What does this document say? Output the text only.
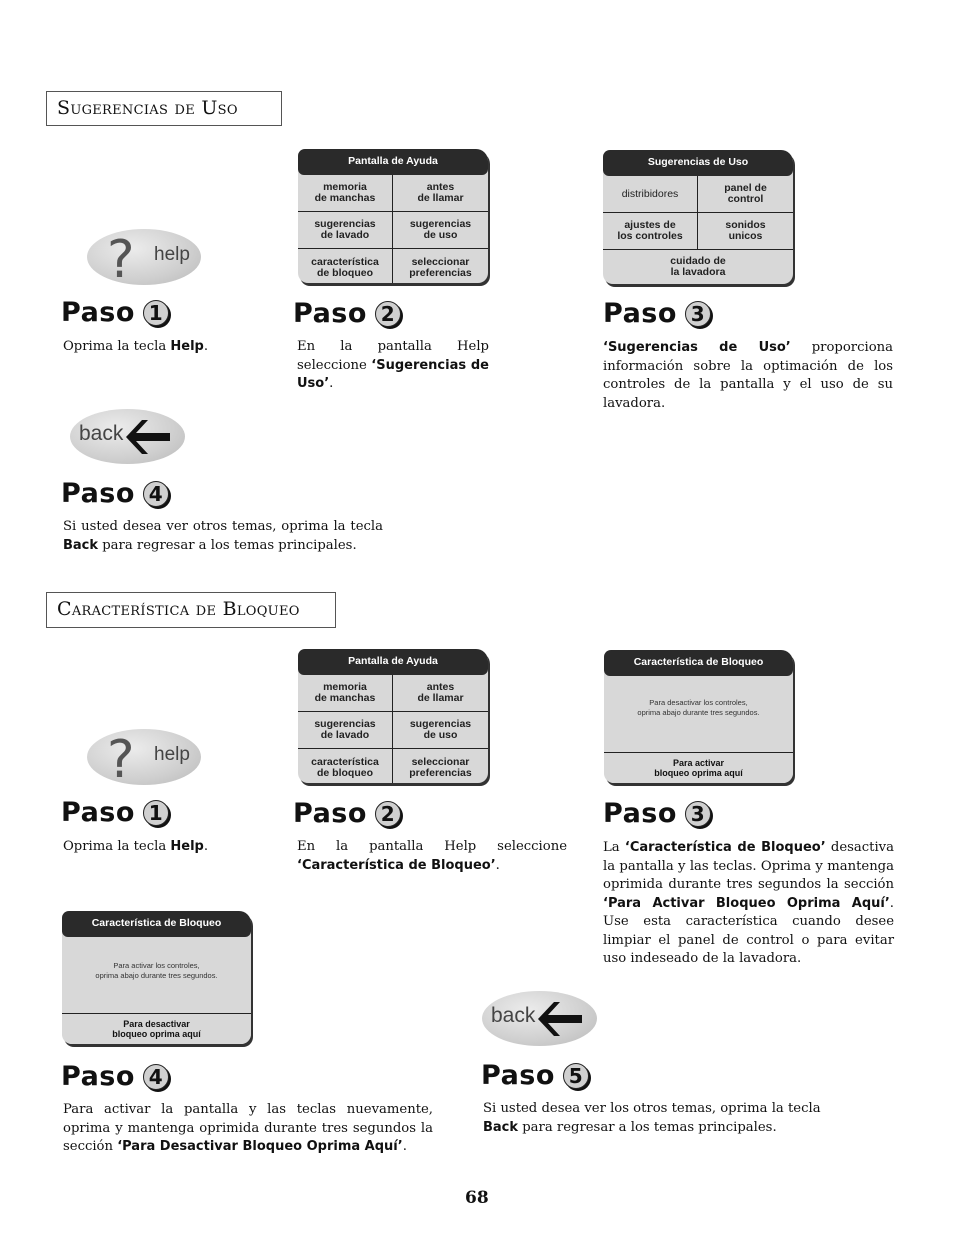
Sugerencias de Uso
? help
Pantalla de Ayuda
memoria
de manchas
antes
de llamar
sugerencias
de lavado
sugerencias
de uso
característica
de bloqueo
seleccionar
preferencias
Sugerencias de Uso
distribidores	panel de
control
ajustes de
los controles
sonidos
unicos
cuidado de
la lavadora
Paso 1
Oprima la tecla Help.
Paso 2
En la pantalla Help seleccione ‘Sugerencias de Uso’.
Paso 3
‘Sugerencias de Uso’ proporciona información sobre la optimación de los controles de la pantalla y el uso de su lavadora.
back
Paso 4
Si usted desea ver otros temas, oprima la tecla Back para regresar a los temas principales.
Característica de Bloqueo
? help
Pantalla de Ayuda
memoria
de manchas
antes
de llamar
sugerencias
de lavado
sugerencias
de uso
característica
de bloqueo
seleccionar
preferencias
Característica de Bloqueo
Para desactivar los controles,
oprima abajo durante tres segundos.
Para activar
bloqueo oprima aquí
Paso 1
Oprima la tecla Help.
Paso 2
En la pantalla Help seleccione ‘Característica de Bloqueo’.
Paso 3
La ‘Característica de Bloqueo’ desactiva la pantalla y las teclas. Oprima y mantenga oprimida durante tres segundos la sección ‘Para Activar Bloqueo Oprima Aquí’. Use esta característica cuando desee limpiar el panel de control o para evitar uso indeseado de la lavadora.
Característica de Bloqueo
Para activar los controles,
oprima abajo durante tres segundos.
Para desactivar
bloqueo oprima aquí
back
Paso 4
Para activar la pantalla y las teclas nuevamente, oprima y mantenga oprimida durante tres segundos la sección ‘Para Desactivar Bloqueo Oprima Aquí’.
Paso 5
Si usted desea ver los otros temas, oprima la tecla Back para regresar a los temas principales.
68
